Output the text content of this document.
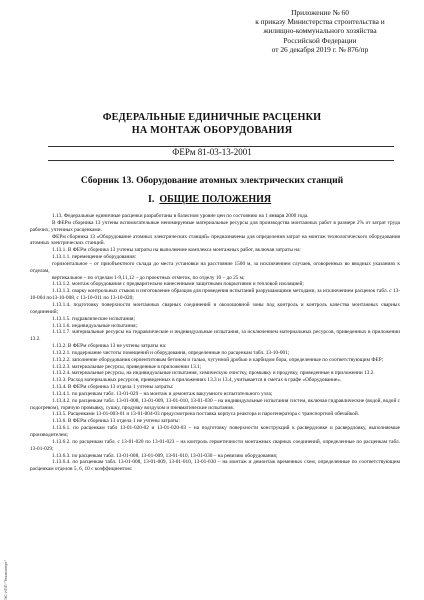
Приложение № 60
к приказу Министерства строительства и
жилищно-коммунального хозяйства
Российской Федерации
от 26 декабря 2019 г. № 876/пр
ФЕДЕРАЛЬНЫЕ ЕДИНИЧНЫЕ РАСЦЕНКИ
НА МОНТАЖ ОБОРУДОВАНИЯ
ФЕРм 81-03-13-2001
Сборник 13. Оборудование атомных электрических станций
I. ОБЩИЕ ПОЛОЖЕНИЯ

1.13. Федеральные единичные расценки разработаны в базисном уровне цен по состоянию на 1 января 2000 года.

В ФЕРм сборника 13 учтены вспомогательные неномируемые материальные ресурсы для производства монтажных работ в размере 2% от затрат труда рабочих, учтенных расценками.

ФЕРм сборника 13 «Оборудование атомных электрических станций» предназначены для определения затрат на монтаж технологического оборудования атомных электрических станций.

1.13.1. В ФЕРм сборника 13 учтены затраты на выполнение комплекса монтажных работ, включая затраты на:

1.13.1.1. перемещение оборудования:

горизонтальное – от приобъектного склада до места установки на расстояние 1500 м, за исключением случаев, оговоренных во вводных указаниях к отделам,

вертикальное – по отделам 1-9,11,12 – до проектных отметок, по отделу 10 – до 25 м;

1.13.1.2. монтаж оборудования с предварительно нанесенными защитными покрытиями и тепловой изоляцией;

1.13.1.3. сварку контрольных стыков и изготовление образцов для проведения испытаний разрушающими методами, за исключением расценок табл. с 13-10-004 по13-10-008, с 13-10-011 по 13-10-020;

1.13.1.4. подготовку поверхности монтажных сварных соединений и околошовной зоны под контроль и контроль качества монтажных сварных соединений;

1.13.1.5. гидравлические испытания;

1.13.1.6. индивидуальные испытания;

1.13.1.7. материальные ресурсы на гидравлические и индивидуальные испытания, за исключением материальных ресурсов, приведенных в приложении 13.2.

1.13.2. В ФЕРм сборника 13 не учтены затраты на:

1.13.2.1. поддержание чистоты помещений и оборудования, определенные по расценкам табл. 13-10-001;

1.13.2.2. заполнение оборудования серпентитовым бетоном и галью, чугунной дробью и карбидом бора, определенные по соответствующим ФЕР;

1.13.2.3. материальные ресурсы, приведенные в приложении 13.1;

1.13.2.4. материальные ресурсы, на индивидуальные испытания, химическую очистку, промывку и продувку, приведенные в приложении 13.2.

1.13.3. Расход материальных ресурсов, приведенных в приложениях 13.3 и 13.4, учитывается в сметах в графе «Оборудование».

1.13.4. В ФЕРм сборника 13 отдела 1 учтены затраты:

1.13.4.1. по расценкам табл. 13-01-029 – на монтаж и демонтаж вакуумного испытательного узла;

1.13.4.2. по расценкам табл. 13-01-008, 13-01-009, 13-01-010, 13-01-030 – на индивидуальные испытания систем, включая гидравлические (водой, водой с подогревом), горячую промывку, сушку, продувку воздухом и пневматические испытания.

1.13.5. Расценками 13-01-003-01 и 13-01-004-03 предусмотрена поставка корпуса реактора и парогенератора с транспортной обечайкой.

1.13.6. В ФЕРм сборника 13 отдела 1 не учтены затраты:

1.13.6.1. по расценкам табл 13-01-020-02 и 13-01-020-03 – на подготовку поверхности конструкций к расвердловке и расвердловку, выполняемые производителем;

1.13.6.2. по расценкам табл. с 13-01-020 по 13-01-023 – на контроль герметичности монтажных сварных соединений, определенные по расценкам табл. 13-01-029;

1.13.6.3. по расценкам табл. 13-01-008, 13-01-009, 13-01-010, 13-01-030 – на ревизию оборудования;

1.13.6.4. по расценкам табл. 13-01-008, 13-01-009, 13-01-010, 13-01-030 – на монтаж и демонтаж временных схем, определенные по соответствующим расценкам отделов 5, 6, 10 с коэффициентом:

ЭС ИПП "Техэксперт"
